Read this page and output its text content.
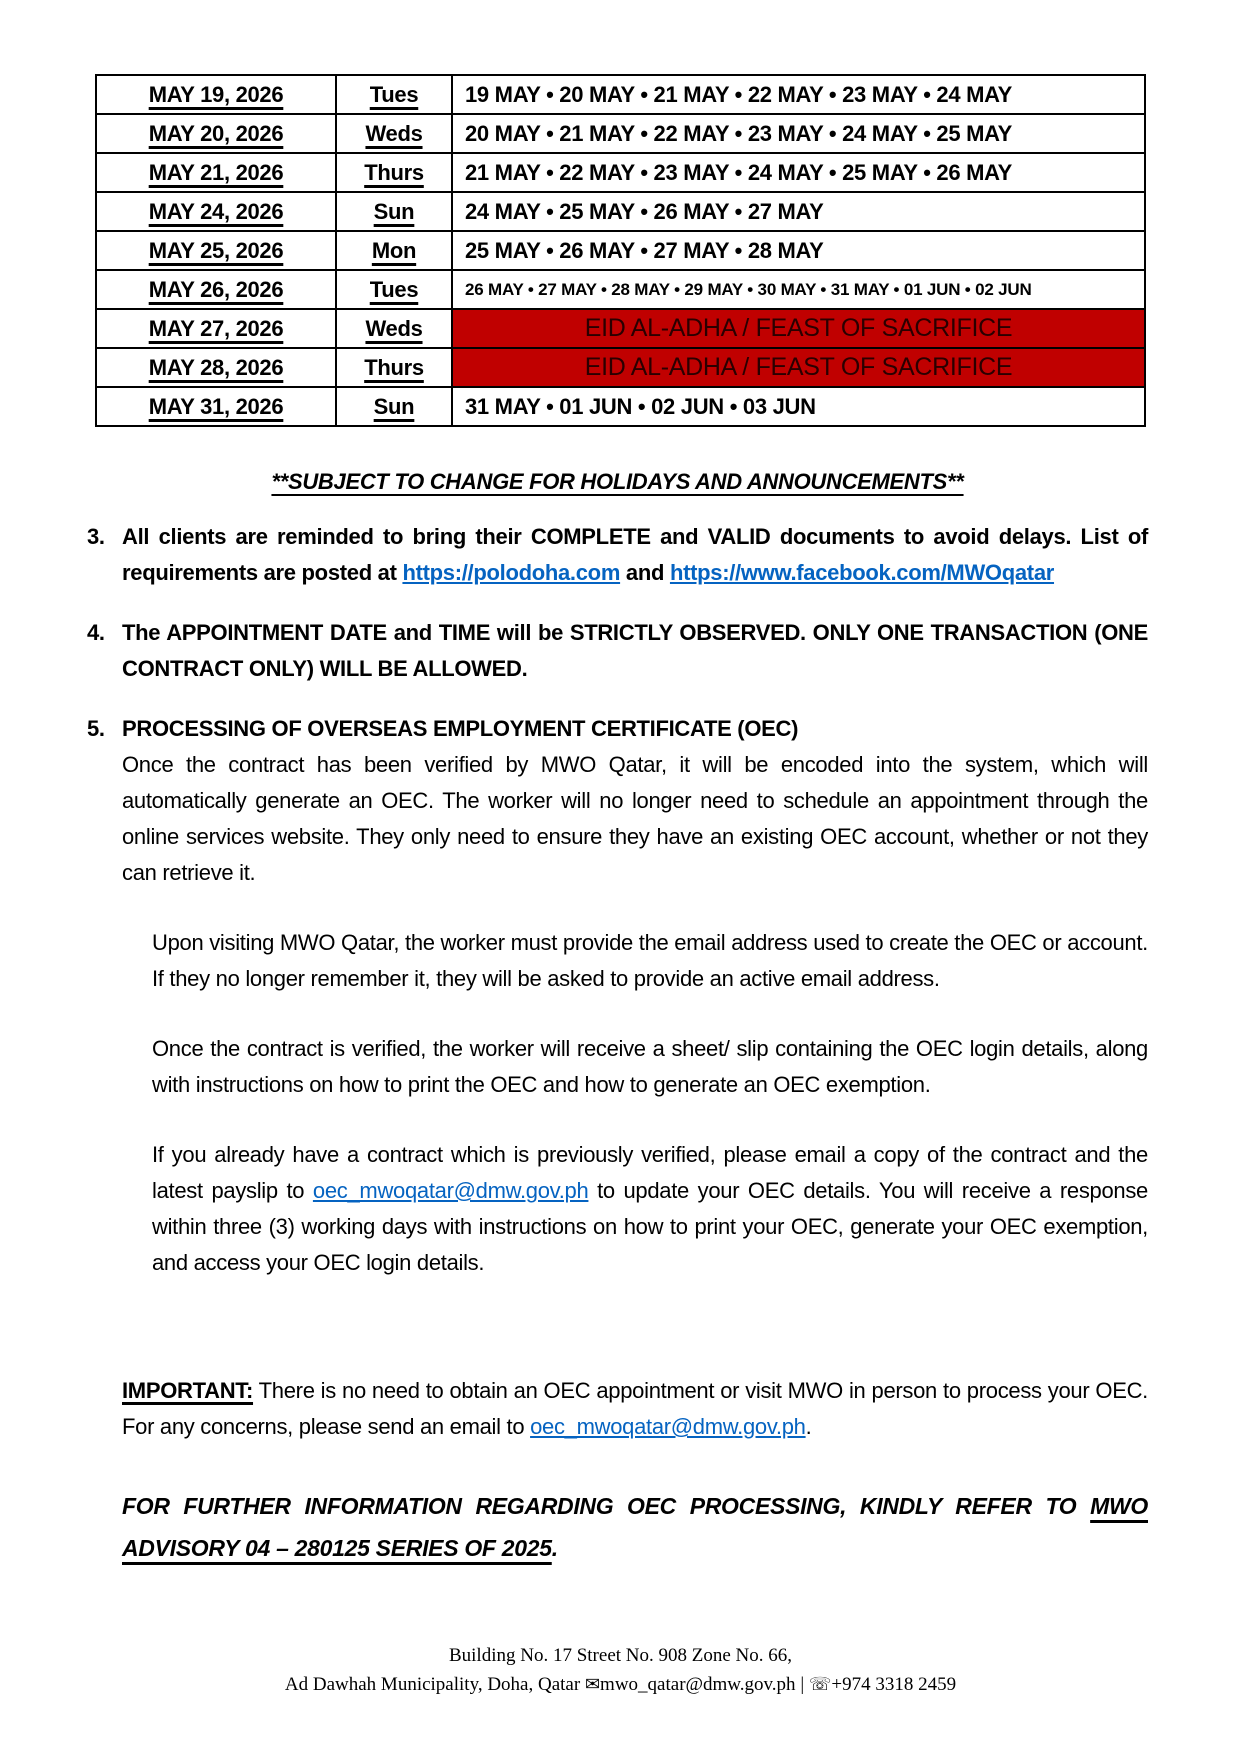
MAY 19, 2026	Tues	19 MAY • 20 MAY • 21 MAY • 22 MAY • 23 MAY • 24 MAY
MAY 20, 2026	Weds	20 MAY • 21 MAY • 22 MAY • 23 MAY • 24 MAY • 25 MAY
MAY 21, 2026	Thurs	21 MAY • 22 MAY • 23 MAY • 24 MAY • 25 MAY • 26 MAY
MAY 24, 2026	Sun	24 MAY • 25 MAY • 26 MAY • 27 MAY
MAY 25, 2026	Mon	25 MAY • 26 MAY • 27 MAY • 28 MAY
MAY 26, 2026	Tues	26 MAY • 27 MAY • 28 MAY • 29 MAY • 30 MAY • 31 MAY • 01 JUN • 02 JUN
MAY 27, 2026	Weds	EID AL-ADHA / FEAST OF SACRIFICE
MAY 28, 2026	Thurs	EID AL-ADHA / FEAST OF SACRIFICE
MAY 31, 2026	Sun	31 MAY • 01 JUN • 02 JUN • 03 JUN
**SUBJECT TO CHANGE FOR HOLIDAYS AND ANNOUNCEMENTS**
3. All clients are reminded to bring their COMPLETE and VALID documents to avoid delays. List of requirements are posted at https://polodoha.com and https://www.facebook.com/MWOqatar
4. The APPOINTMENT DATE and TIME will be STRICTLY OBSERVED. ONLY ONE TRANSACTION (ONE CONTRACT ONLY) WILL BE ALLOWED.
5. PROCESSING OF OVERSEAS EMPLOYMENT CERTIFICATE (OEC)
Once the contract has been verified by MWO Qatar, it will be encoded into the system, which will automatically generate an OEC. The worker will no longer need to schedule an appointment through the online services website. They only need to ensure they have an existing OEC account, whether or not they can retrieve it.
Upon visiting MWO Qatar, the worker must provide the email address used to create the OEC or account. If they no longer remember it, they will be asked to provide an active email address.
Once the contract is verified, the worker will receive a sheet/ slip containing the OEC login details, along with instructions on how to print the OEC and how to generate an OEC exemption.
If you already have a contract which is previously verified, please email a copy of the contract and the latest payslip to oec_mwoqatar@dmw.gov.ph to update your OEC details. You will receive a response within three (3) working days with instructions on how to print your OEC, generate your OEC exemption, and access your OEC login details.
IMPORTANT: There is no need to obtain an OEC appointment or visit MWO in person to process your OEC. For any concerns, please send an email to oec_mwoqatar@dmw.gov.ph.
FOR FURTHER INFORMATION REGARDING OEC PROCESSING, KINDLY REFER TO MWO ADVISORY 04 – 280125 SERIES OF 2025.
Building No. 17 Street No. 908 Zone No. 66,
Ad Dawhah Municipality, Doha, Qatar ✉mwo_qatar@dmw.gov.ph | ☏+974 3318 2459
